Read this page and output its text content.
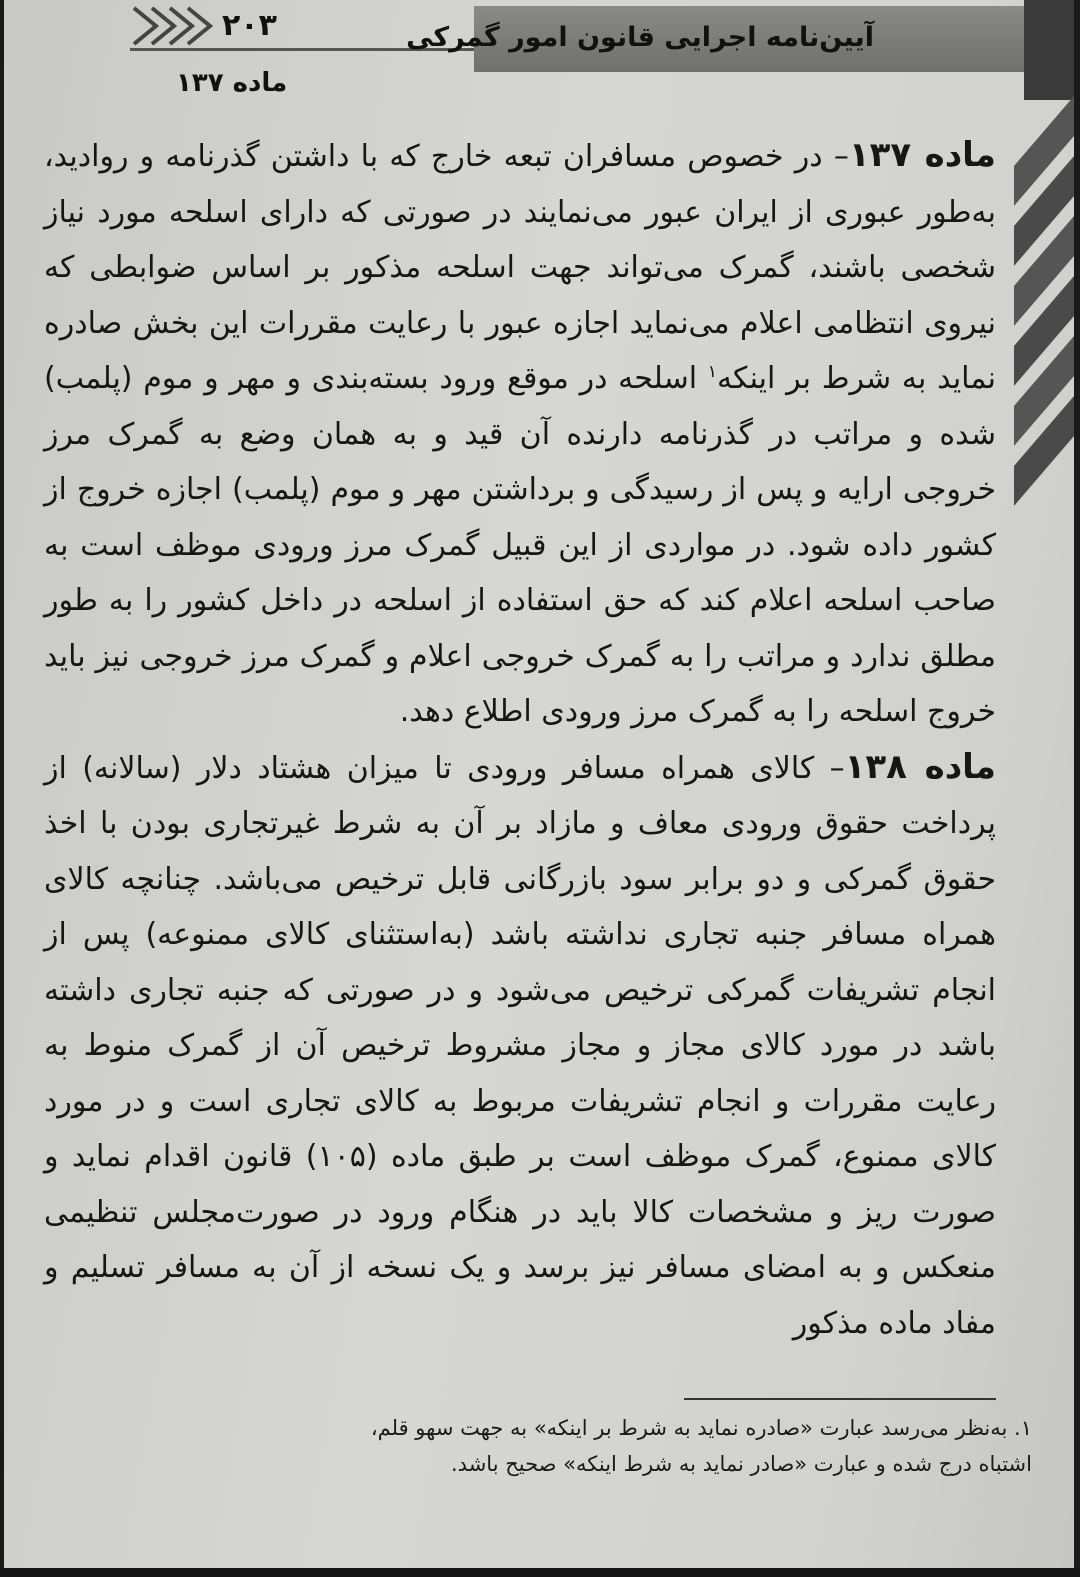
۲۰۳	آیین‌نامه اجرایی قانون امور گمرکی
ماده ۱۳۷

ماده ۱۳۷– در خصوص مسافران تبعه خارج که با داشتن گذرنامه و روادید، به‌طور عبوری از ایران عبور می‌نمایند در صورتی که دارای اسلحه مورد نیاز شخصی باشند، گمرک می‌تواند جهت اسلحه مذکور بر اساس ضوابطی که نیروی انتظامی اعلام می‌نماید اجازه عبور با رعایت مقررات این بخش صادره نماید به شرط بر اینکه$^۱$ اسلحه در موقع ورود بسته‌بندی و مهر و موم (پلمب) شده و مراتب در گذرنامه دارنده آن قید و به همان وضع به گمرک مرز خروجی ارایه و پس از رسیدگی و برداشتن مهر و موم (پلمب) اجازه خروج از کشور داده شود. در مواردی از این قبیل گمرک مرز ورودی موظف است به صاحب اسلحه اعلام کند که حق استفاده از اسلحه در داخل کشور را به طور مطلق ندارد و مراتب را به گمرک خروجی اعلام و گمرک مرز خروجی نیز باید خروج اسلحه را به گمرک مرز ورودی اطلاع دهد.

ماده ۱۳۸– کالای همراه مسافر ورودی تا میزان هشتاد دلار (سالانه) از پرداخت حقوق ورودی معاف و مازاد بر آن به شرط غیرتجاری بودن با اخذ حقوق گمرکی و دو برابر سود بازرگانی قابل ترخیص می‌باشد. چنانچه کالای همراه مسافر جنبه تجاری نداشته باشد (به‌استثنای کالای ممنوعه) پس از انجام تشریفات گمرکی ترخیص می‌شود و در صورتی که جنبه تجاری داشته باشد در مورد کالای مجاز و مجاز مشروط ترخیص آن از گمرک منوط به رعایت مقررات و انجام تشریفات مربوط به کالای تجاری است و در مورد کالای ممنوع، گمرک موظف است بر طبق ماده (۱۰۵) قانون اقدام نماید و صورت ریز و مشخصات کالا باید در هنگام ورود در صورت‌مجلس تنظیمی منعکس و به امضای مسافر نیز برسد و یک نسخه از آن به مسافر تسلیم و مفاد ماده مذکور

۱. به‌نظر می‌رسد عبارت «صادره نماید به شرط بر اینکه» به جهت سهو قلم،

اشتباه درج شده و عبارت «صادر نماید به شرط اینکه» صحیح باشد.
